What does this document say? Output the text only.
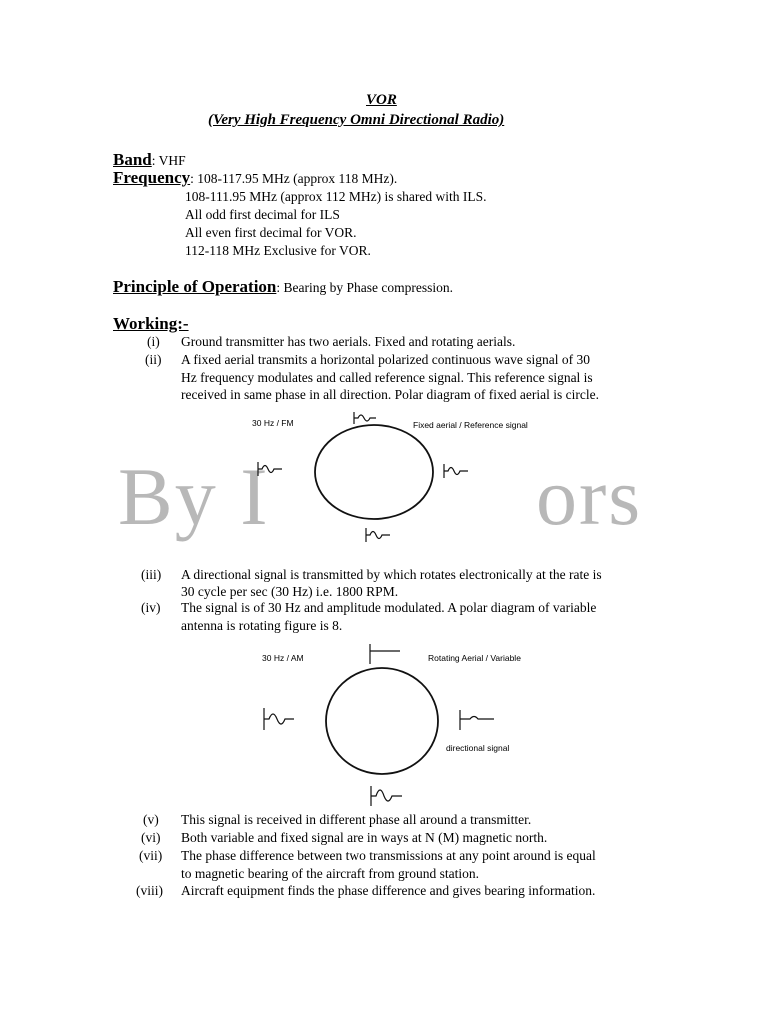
VOR
(Very High Frequency Omni Directional Radio)
Band: VHF
Frequency: 108-117.95 MHz (approx 118 MHz).
108-111.95 MHz (approx 112 MHz) is shared with ILS.
All odd first decimal for ILS
All even first decimal for VOR.
112-118 MHz Exclusive for VOR.
Principle of Operation: Bearing by Phase compression.
Working:-
(i) Ground transmitter has two aerials. Fixed and rotating aerials.
(ii) A fixed aerial transmits a horizontal polarized continuous wave signal of 30
Hz frequency modulates and called reference signal. This reference signal is
received in same phase in all direction. Polar diagram of fixed aerial is circle.
By I	ors
30 Hz / FM	Fixed aerial / Reference signal
(iii) A directional signal is transmitted by which rotates electronically at the rate is
30 cycle per sec (30 Hz) i.e. 1800 RPM.
(iv) The signal is of 30 Hz and amplitude modulated. A polar diagram of variable
antenna is rotating figure is 8.
30 Hz / AM	Rotating Aerial / Variable
directional signal
(v) This signal is received in different phase all around a transmitter.
(vi) Both variable and fixed signal are in ways at N (M) magnetic north.
(vii) The phase difference between two transmissions at any point around is equal
to magnetic bearing of the aircraft from ground station.
(viii) Aircraft equipment finds the phase difference and gives bearing information.
